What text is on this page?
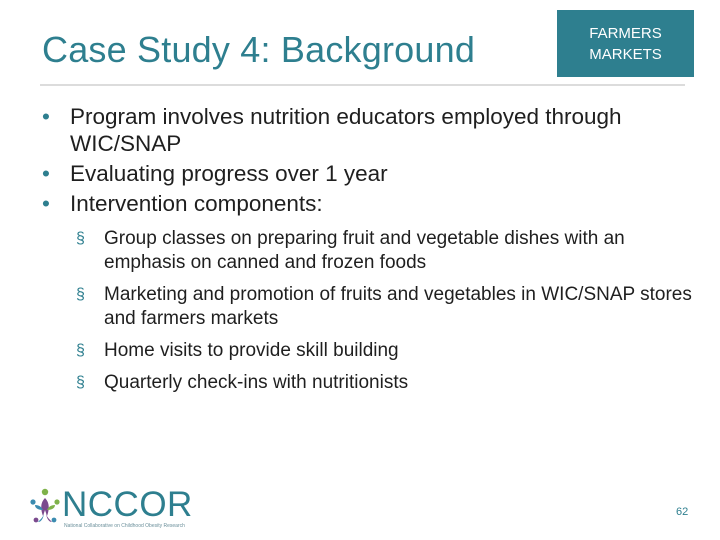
Case Study 4: Background	FARMERS
MARKETS
• Program involves nutrition educators employed through WIC/SNAP
• Evaluating progress over 1 year
• Intervention components:
§ Group classes on preparing fruit and vegetable dishes with an emphasis on canned and frozen foods
§ Marketing and promotion of fruits and vegetables in WIC/SNAP stores and farmers markets
§ Home visits to provide skill building
§ Quarterly check-ins with nutritionists
NCCOR
National Collaborative on Childhood Obesity Research
62
